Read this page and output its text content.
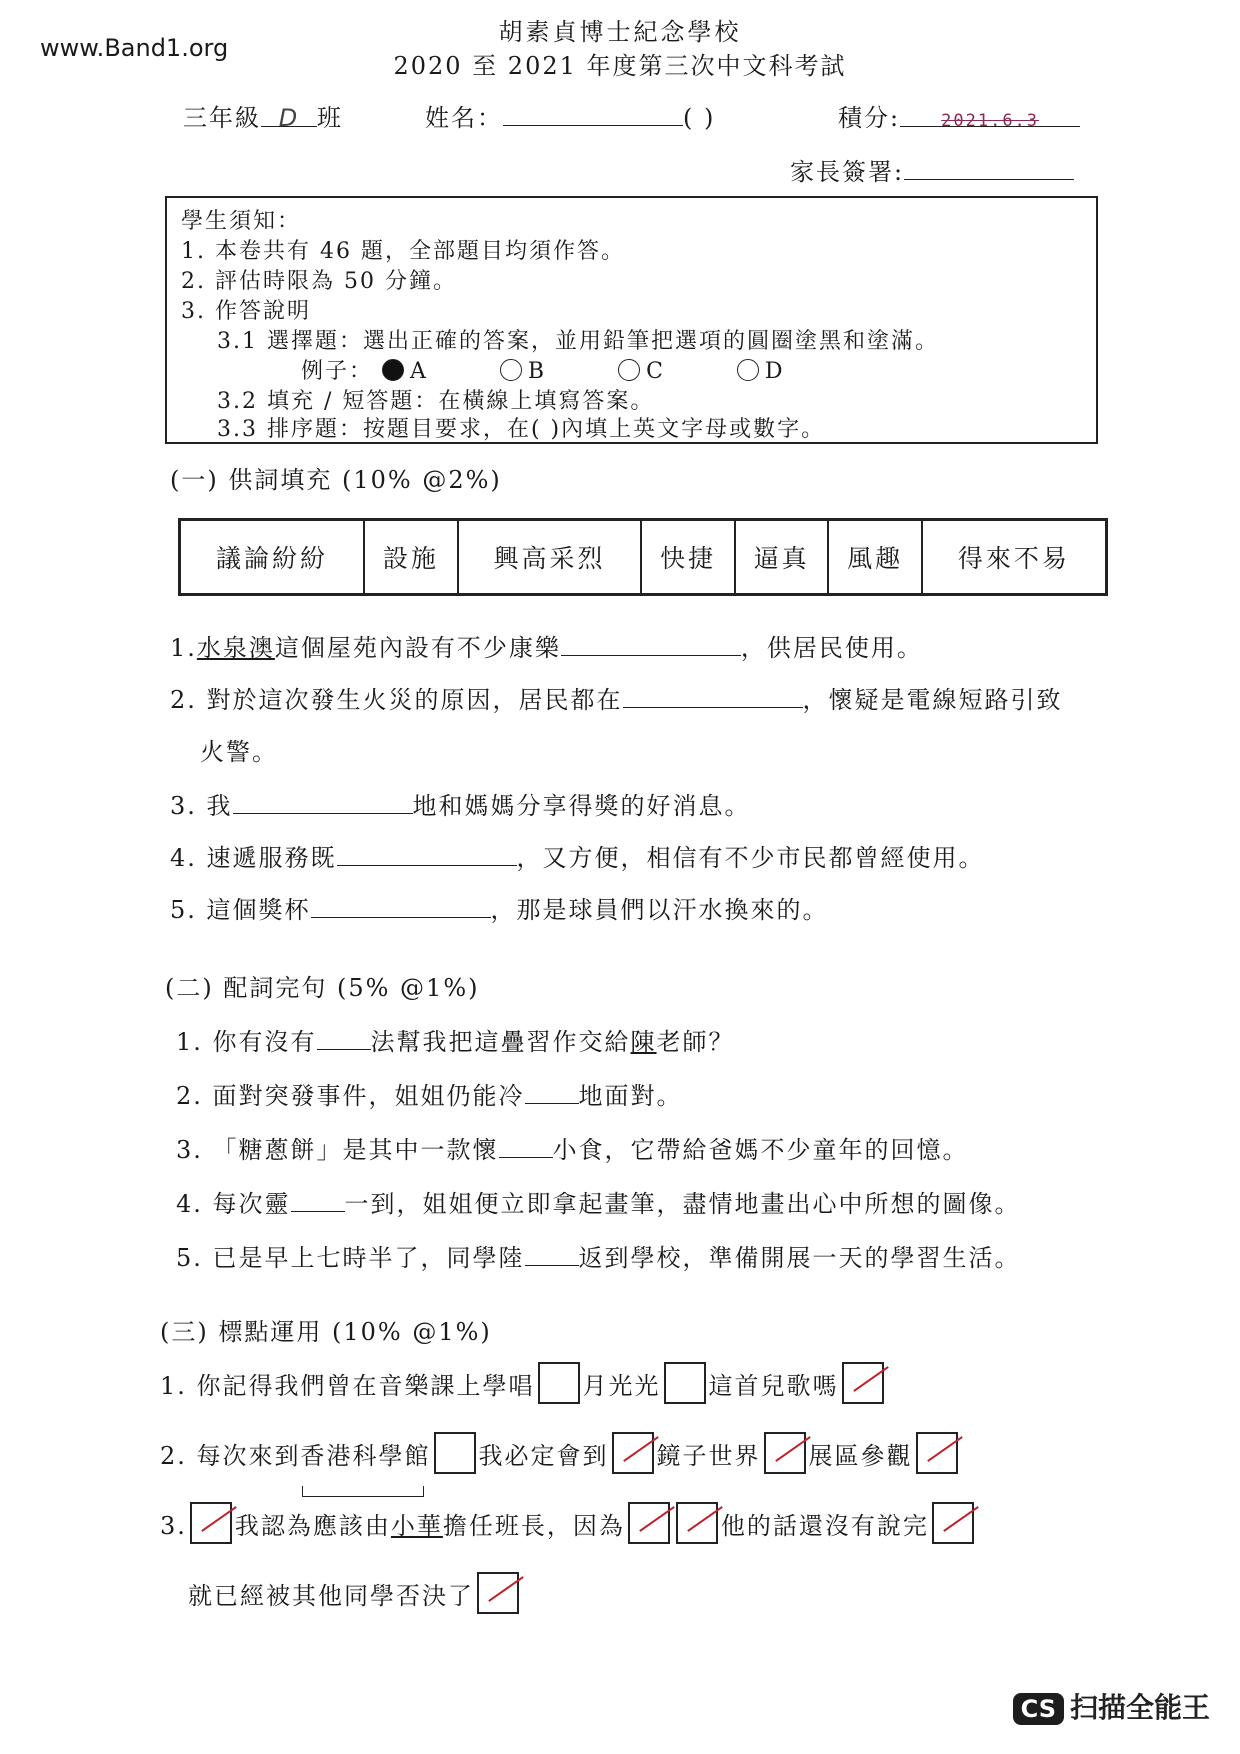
www.Band1.org
胡素貞博士紀念學校
2020 至 2021 年度第三次中文科考試
三年級 D 班	姓名：	( )	積分: 2021.6.3
家長簽署:
學生須知：
1. 本卷共有 46 題，全部題目均須作答。
2. 評估時限為 50 分鐘。
3. 作答說明
3.1 選擇題：選出正確的答案，並用鉛筆把選項的圓圈塗黑和塗滿。
例子： A	B	C	D
3.2 填充 / 短答題：在橫線上填寫答案。
3.3 排序題：按題目要求，在( )內填上英文字母或數字。
(一) 供詞填充 (10% @2%)
議論紛紛	設施	興高采烈	快捷	逼真	風趣	得來不易
1.水泉澳這個屋苑內設有不少康樂	，供居民使用。
2. 對於這次發生火災的原因，居民都在	，懷疑是電線短路引致
火警。
3. 我	地和媽媽分享得獎的好消息。
4. 速遞服務既	，又方便，相信有不少市民都曾經使用。
5. 這個獎杯	，那是球員們以汗水換來的。
(二) 配詞完句 (5% @1%)
1. 你有沒有 法幫我把這疊習作交給陳老師？
2. 面對突發事件，姐姐仍能冷 地面對。
3. 「糖蔥餅」是其中一款懷 小食，它帶給爸媽不少童年的回憶。
4. 每次靈 一到，姐姐便立即拿起畫筆，盡情地畫出心中所想的圖像。
5. 已是早上七時半了，同學陸 返到學校，準備開展一天的學習生活。
(三) 標點運用 (10% @1%)
1. 你記得我們曾在音樂課上學唱 月光光 這首兒歌嗎
2. 每次來到香港科學館 我必定會到 鏡子世界 展區參觀
3. 我認為應該由小華擔任班長，因為	他的話還沒有說完
就已經被其他同學否決了
CS 扫描全能王
